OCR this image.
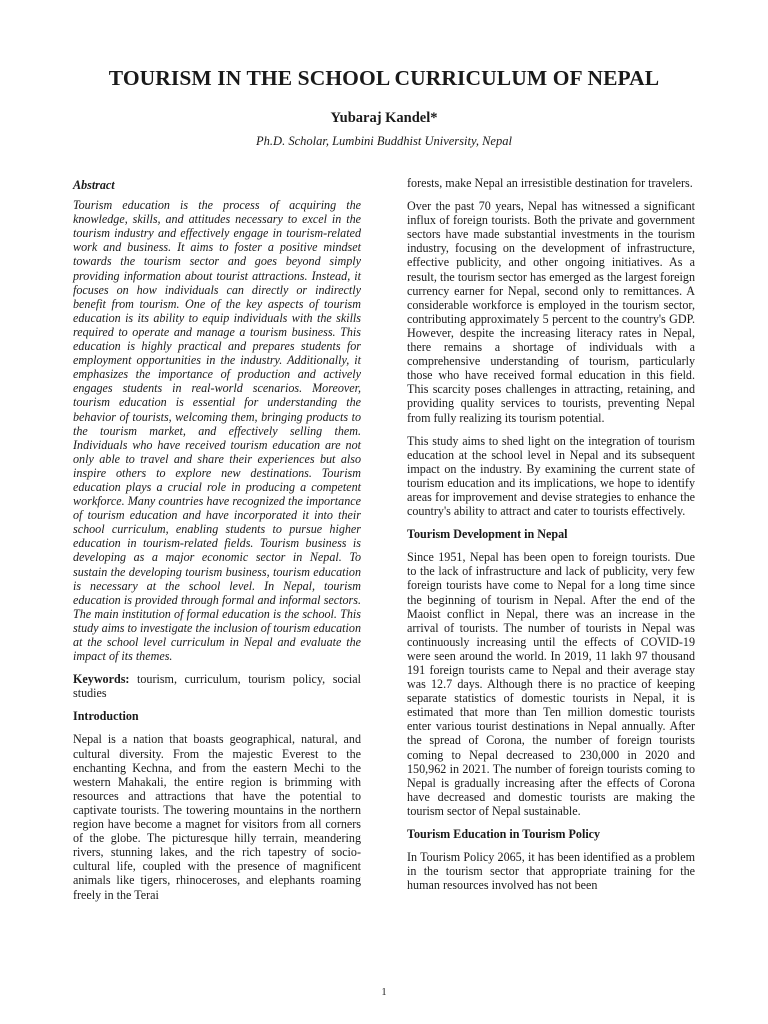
TOURISM IN THE SCHOOL CURRICULUM OF NEPAL
Yubaraj Kandel*
Ph.D. Scholar, Lumbini Buddhist University, Nepal
Abstract

Tourism education is the process of acquiring the knowledge, skills, and attitudes necessary to excel in the tourism industry and effectively engage in tourism-related work and business. It aims to foster a positive mindset towards the tourism sector and goes beyond simply providing information about tourist attractions. Instead, it focuses on how individuals can directly or indirectly benefit from tourism. One of the key aspects of tourism education is its ability to equip individuals with the skills required to operate and manage a tourism business. This education is highly practical and prepares students for employment opportunities in the industry. Additionally, it emphasizes the importance of production and actively engages students in real-world scenarios. Moreover, tourism education is essential for understanding the behavior of tourists, welcoming them, bringing products to the tourism market, and effectively selling them. Individuals who have received tourism education are not only able to travel and share their experiences but also inspire others to explore new destinations. Tourism education plays a crucial role in producing a competent workforce. Many countries have recognized the importance of tourism education and have incorporated it into their school curriculum, enabling students to pursue higher education in tourism-related fields. Tourism business is developing as a major economic sector in Nepal. To sustain the developing tourism business, tourism education is necessary at the school level. In Nepal, tourism education is provided through formal and informal sectors. The main institution of formal education is the school. This study aims to investigate the inclusion of tourism education at the school level curriculum in Nepal and evaluate the impact of its themes.

Keywords: tourism, curriculum, tourism policy, social studies

Introduction

Nepal is a nation that boasts geographical, natural, and cultural diversity. From the majestic Everest to the enchanting Kechna, and from the eastern Mechi to the western Mahakali, the entire region is brimming with resources and attractions that have the potential to captivate tourists. The towering mountains in the northern region have become a magnet for visitors from all corners of the globe. The picturesque hilly terrain, meandering rivers, stunning lakes, and the rich tapestry of socio-cultural life, coupled with the presence of magnificent animals like tigers, rhinoceroses, and elephants roaming freely in the Terai

forests, make Nepal an irresistible destination for travelers.

Over the past 70 years, Nepal has witnessed a significant influx of foreign tourists. Both the private and government sectors have made substantial investments in the tourism industry, focusing on the development of infrastructure, effective publicity, and other ongoing initiatives. As a result, the tourism sector has emerged as the largest foreign currency earner for Nepal, second only to remittances. A considerable workforce is employed in the tourism sector, contributing approximately 5 percent to the country's GDP. However, despite the increasing literacy rates in Nepal, there remains a shortage of individuals with a comprehensive understanding of tourism, particularly those who have received formal education in this field. This scarcity poses challenges in attracting, retaining, and providing quality services to tourists, preventing Nepal from fully realizing its tourism potential.

This study aims to shed light on the integration of tourism education at the school level in Nepal and its subsequent impact on the industry. By examining the current state of tourism education and its implications, we hope to identify areas for improvement and devise strategies to enhance the country's ability to attract and cater to tourists effectively.

Tourism Development in Nepal

Since 1951, Nepal has been open to foreign tourists. Due to the lack of infrastructure and lack of publicity, very few foreign tourists have come to Nepal for a long time since the beginning of tourism in Nepal. After the end of the Maoist conflict in Nepal, there was an increase in the arrival of tourists. The number of tourists in Nepal was continuously increasing until the effects of COVID-19 were seen around the world. In 2019, 11 lakh 97 thousand 191 foreign tourists came to Nepal and their average stay was 12.7 days. Although there is no practice of keeping separate statistics of domestic tourists in Nepal, it is estimated that more than Ten million domestic tourists enter various tourist destinations in Nepal annually. After the spread of Corona, the number of foreign tourists coming to Nepal decreased to 230,000 in 2020 and 150,962 in 2021. The number of foreign tourists coming to Nepal is gradually increasing after the effects of Corona have decreased and domestic tourists are making the tourism sector of Nepal sustainable.

Tourism Education in Tourism Policy

In Tourism Policy 2065, it has been identified as a problem in the tourism sector that appropriate training for the human resources involved has not been

1
